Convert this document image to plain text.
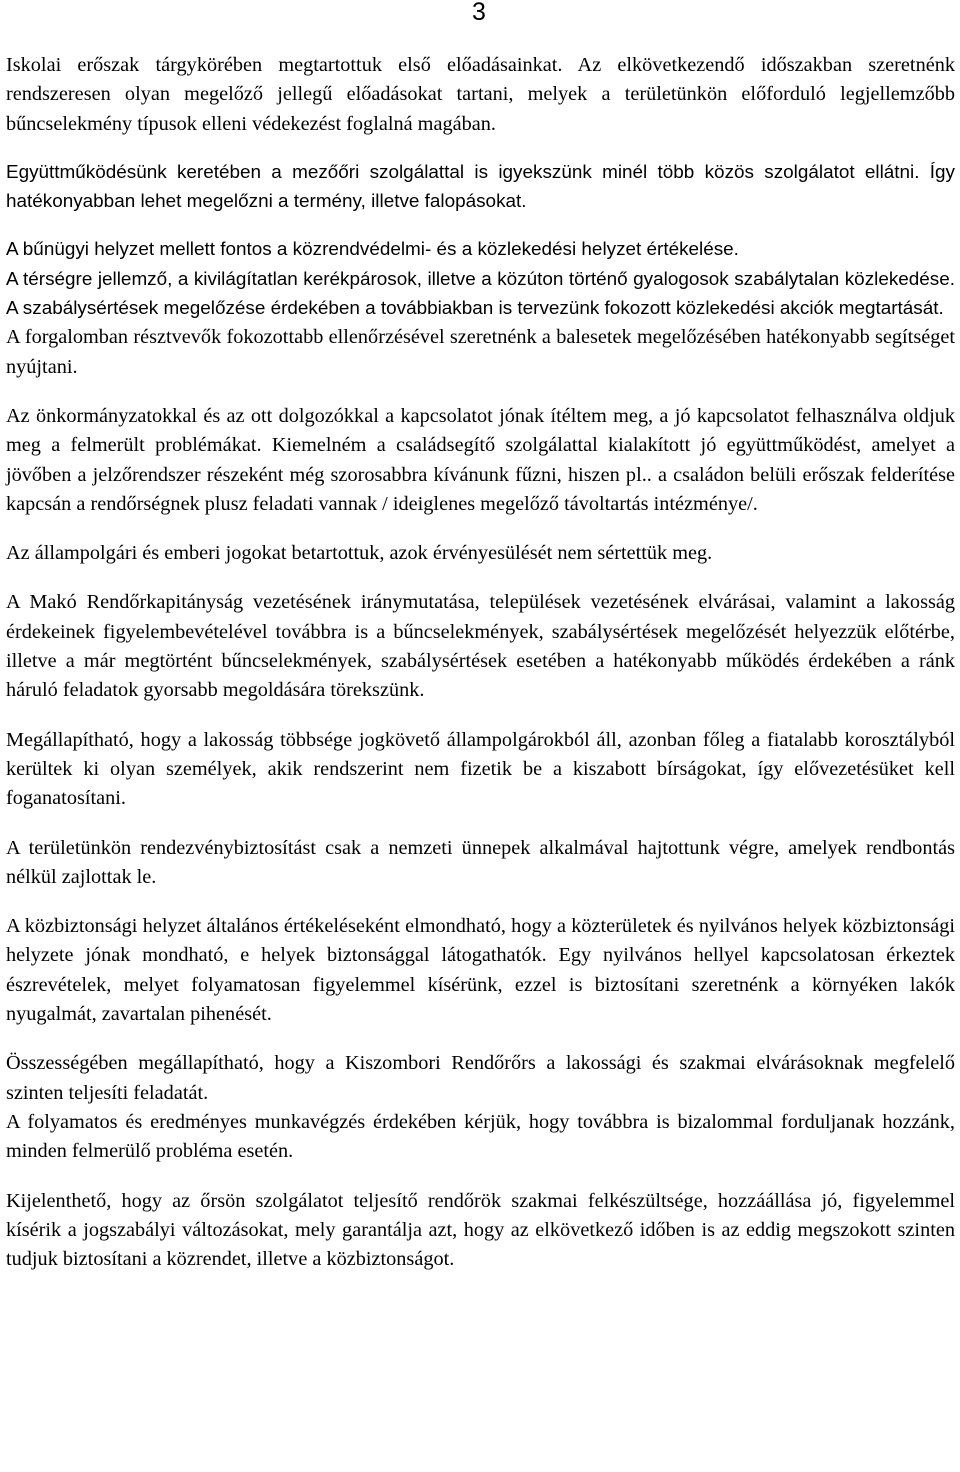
3

Iskolai erőszak tárgykörében megtartottuk első előadásainkat. Az elkövetkezendő időszakban szeretnénk rendszeresen olyan megelőző jellegű előadásokat tartani, melyek a területünkön előforduló legjellemzőbb bűncselekmény típusok elleni védekezést foglalná magában.

Együttműködésünk keretében a mezőőri szolgálattal is igyekszünk minél több közös szolgálatot ellátni. Így hatékonyabban lehet megelőzni a termény, illetve falopásokat.

A bűnügyi helyzet mellett fontos a közrendvédelmi- és a közlekedési helyzet értékelése.

A térségre jellemző, a kivilágítatlan kerékpárosok, illetve a közúton történő gyalogosok szabálytalan közlekedése. A szabálysértések megelőzése érdekében a továbbiakban is tervezünk fokozott közlekedési akciók megtartását.

A forgalomban résztvevők fokozottabb ellenőrzésével szeretnénk a balesetek megelőzésében hatékonyabb segítséget nyújtani.

Az önkormányzatokkal és az ott dolgozókkal a kapcsolatot jónak ítéltem meg, a jó kapcsolatot felhasználva oldjuk meg a felmerült problémákat. Kiemelném a családsegítő szolgálattal kialakított jó együttműködést, amelyet a jövőben a jelzőrendszer részeként még szorosabbra kívánunk fűzni, hiszen pl.. a családon belüli erőszak felderítése kapcsán a rendőrségnek plusz feladati vannak / ideiglenes megelőző távoltartás intézménye/.

Az állampolgári és emberi jogokat betartottuk, azok érvényesülését nem sértettük meg.

A Makó Rendőrkapitányság vezetésének iránymutatása, települések vezetésének elvárásai, valamint a lakosság érdekeinek figyelembevételével továbbra is a bűncselekmények, szabálysértések megelőzését helyezzük előtérbe, illetve a már megtörtént bűncselekmények, szabálysértések esetében a hatékonyabb működés érdekében a ránk háruló feladatok gyorsabb megoldására törekszünk.

Megállapítható, hogy a lakosság többsége jogkövető állampolgárokból áll, azonban főleg a fiatalabb korosztályból kerültek ki olyan személyek, akik rendszerint nem fizetik be a kiszabott bírságokat, így elővezetésüket kell foganatosítani.

A területünkön rendezvénybiztosítást csak a nemzeti ünnepek alkalmával hajtottunk végre, amelyek rendbontás nélkül zajlottak le.

A közbiztonsági helyzet általános értékeléseként elmondható, hogy a közterületek és nyilvános helyek közbiztonsági helyzete jónak mondható, e helyek biztonsággal látogathatók. Egy nyilvános hellyel kapcsolatosan érkeztek észrevételek, melyet folyamatosan figyelemmel kísérünk, ezzel is biztosítani szeretnénk a környéken lakók nyugalmát, zavartalan pihenését.

Összességében megállapítható, hogy a Kiszombori Rendőrőrs a lakossági és szakmai elvárásoknak megfelelő szinten teljesíti feladatát.

A folyamatos és eredményes munkavégzés érdekében kérjük, hogy továbbra is bizalommal forduljanak hozzánk, minden felmerülő probléma esetén.

Kijelenthető, hogy az őrsön szolgálatot teljesítő rendőrök szakmai felkészültsége, hozzáállása jó, figyelemmel kísérik a jogszabályi változásokat, mely garantálja azt, hogy az elkövetkező időben is az eddig megszokott szinten tudjuk biztosítani a közrendet, illetve a közbiztonságot.
